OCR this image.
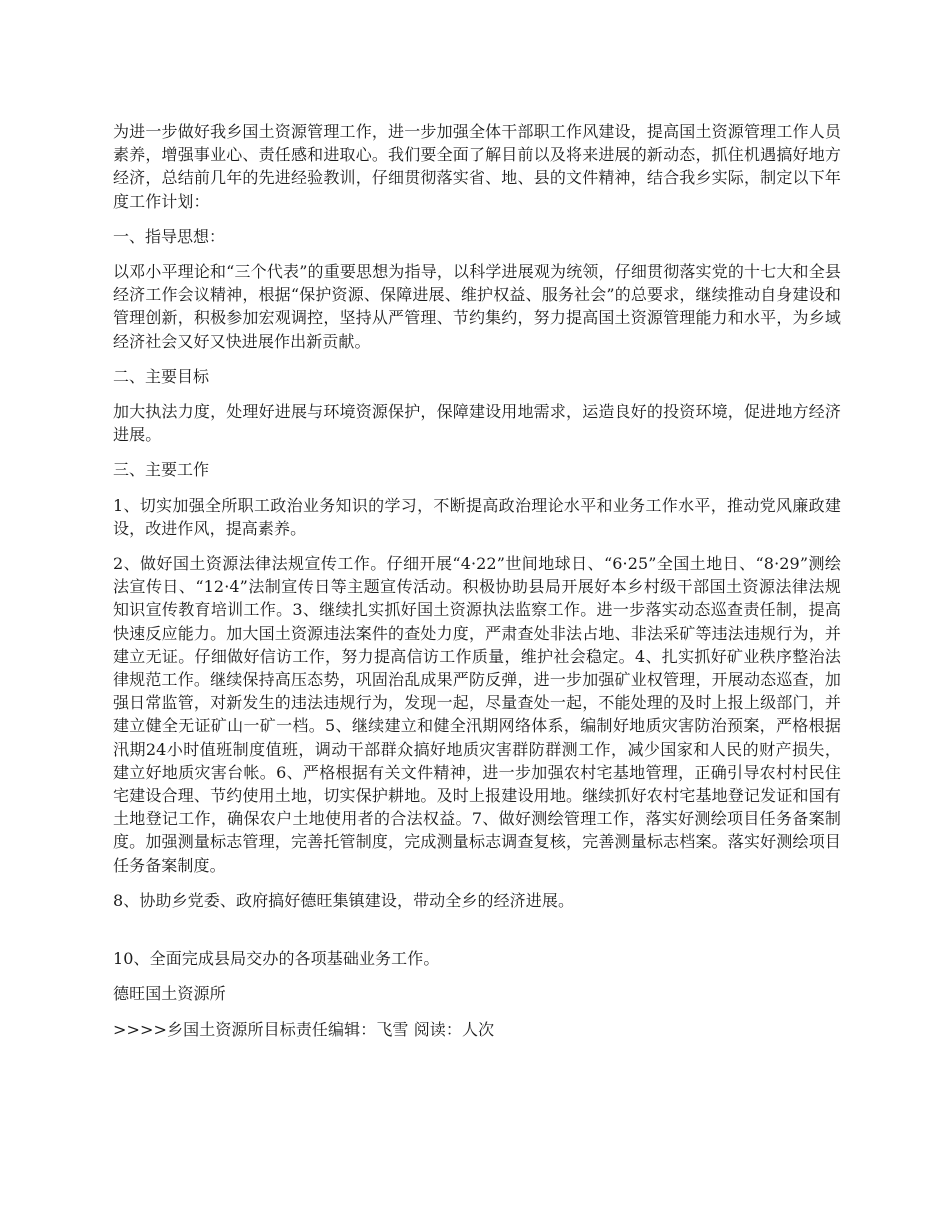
为进一步做好我乡国土资源管理工作，进一步加强全体干部职工作风建设，提高国土资源管理工作人员素养，增强事业心、责任感和进取心。我们要全面了解目前以及将来进展的新动态，抓住机遇搞好地方经济，总结前几年的先进经验教训，仔细贯彻落实省、地、县的文件精神，结合我乡实际，制定以下年度工作计划：

一、指导思想：

以邓小平理论和“三个代表”的重要思想为指导，以科学进展观为统领，仔细贯彻落实党的十七大和全县经济工作会议精神，根据“保护资源、保障进展、维护权益、服务社会”的总要求，继续推动自身建设和管理创新，积极参加宏观调控，坚持从严管理、节约集约，努力提高国土资源管理能力和水平，为乡域经济社会又好又快进展作出新贡献。

二、主要目标

加大执法力度，处理好进展与环境资源保护，保障建设用地需求，运造良好的投资环境，促进地方经济进展。

三、主要工作

1、切实加强全所职工政治业务知识的学习，不断提高政治理论水平和业务工作水平，推动党风廉政建设，改进作风，提高素养。

2、做好国土资源法律法规宣传工作。仔细开展“4·22”世间地球日、“6·25”全国土地日、“8·29”测绘法宣传日、“12·4”法制宣传日等主题宣传活动。积极协助县局开展好本乡村级干部国土资源法律法规知识宣传教育培训工作。3、继续扎实抓好国土资源执法监察工作。进一步落实动态巡查责任制，提高快速反应能力。加大国土资源违法案件的查处力度，严肃查处非法占地、非法采矿等违法违规行为，并建立无证。仔细做好信访工作，努力提高信访工作质量，维护社会稳定。4、扎实抓好矿业秩序整治法律规范工作。继续保持高压态势，巩固治乱成果严防反弹，进一步加强矿业权管理，开展动态巡查，加强日常监管，对新发生的违法违规行为，发现一起，尽量查处一起，不能处理的及时上报上级部门，并建立健全无证矿山一矿一档。5、继续建立和健全汛期网络体系，编制好地质灾害防治预案，严格根据汛期24小时值班制度值班，调动干部群众搞好地质灾害群防群测工作，减少国家和人民的财产损失，建立好地质灾害台帐。6、严格根据有关文件精神，进一步加强农村宅基地管理，正确引导农村村民住宅建设合理、节约使用土地，切实保护耕地。及时上报建设用地。继续抓好农村宅基地登记发证和国有土地登记工作，确保农户土地使用者的合法权益。7、做好测绘管理工作，落实好测绘项目任务备案制度。加强测量标志管理，完善托管制度，完成测量标志调查复核，完善测量标志档案。落实好测绘项目任务备案制度。

8、协助乡党委、政府搞好德旺集镇建设，带动全乡的经济进展。

10、全面完成县局交办的各项基础业务工作。

德旺国土资源所

>>>>乡国土资源所目标责任编辑：飞雪 阅读：人次
